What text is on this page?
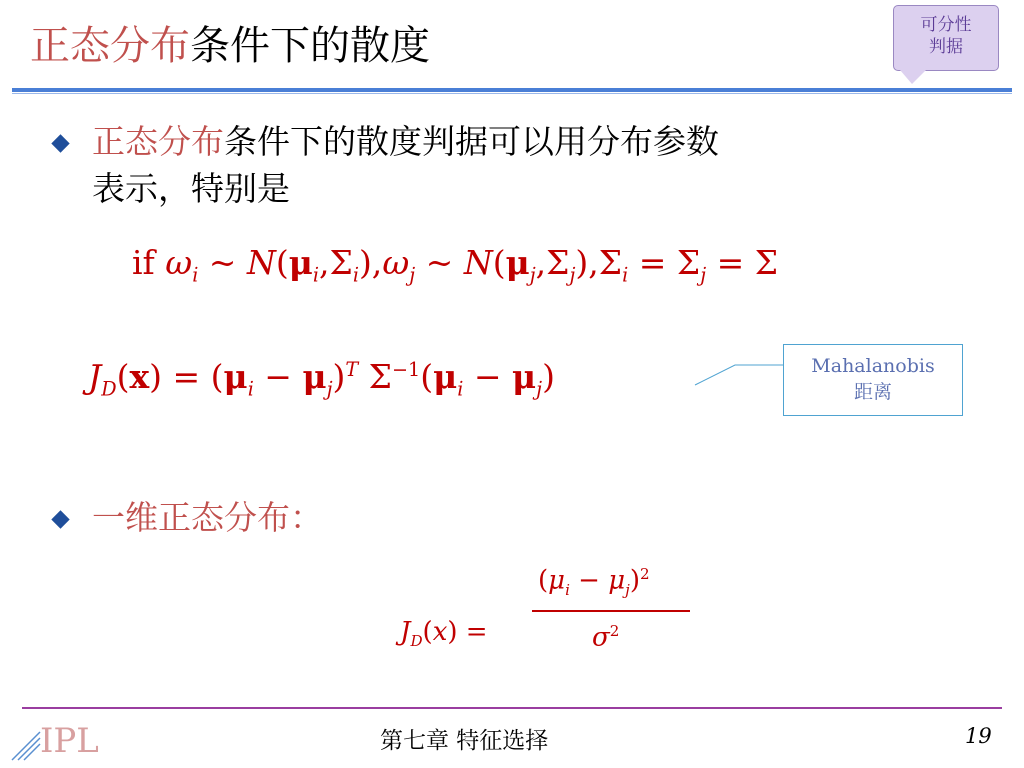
正态分布条件下的散度	可分性
判据
正态分布条件下的散度判据可以用分布参数
表示，特别是
if $\omega_i$ ~ $N(\mu_i,\Sigma_i),\omega_j$ ~ $N(\mu_j,\Sigma_j),\Sigma_i = \Sigma_j = \Sigma$
$J_D(x) = (\mu_i - \mu_j)^T$ $\Sigma^{-1}(\mu_i - \mu_j)$	Mahalanobis
距离
一维正态分布：
$J_D(x)$ =
$(\mu_i - \mu_j)^2$
$\sigma^2$
IPL	第七章 特征选择	19
